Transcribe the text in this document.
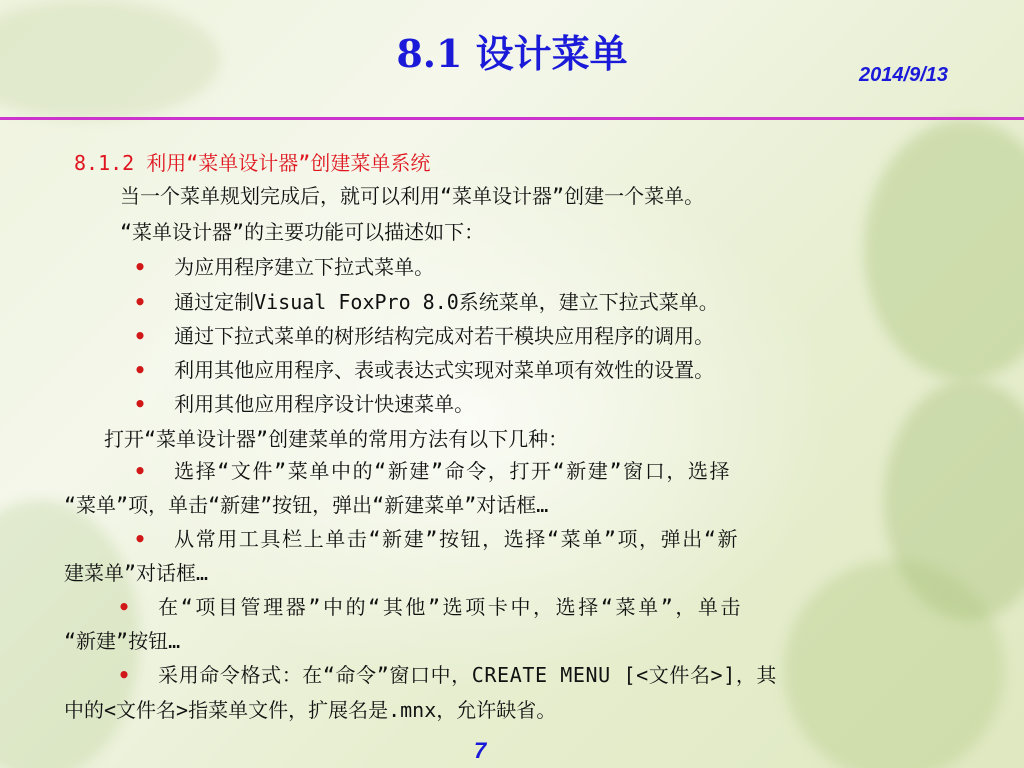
8.1 设计菜单	2014/9/13
8.1.2 利用“菜单设计器”创建菜单系统
当一个菜单规划完成后，就可以利用“菜单设计器”创建一个菜单。
“菜单设计器”的主要功能可以描述如下：
• 为应用程序建立下拉式菜单。
• 通过定制Visual FoxPro 8.0系统菜单，建立下拉式菜单。
• 通过下拉式菜单的树形结构完成对若干模块应用程序的调用。
• 利用其他应用程序、表或表达式实现对菜单项有效性的设置。
• 利用其他应用程序设计快速菜单。
打开“菜单设计器”创建菜单的常用方法有以下几种：
• 选择“文件”菜单中的“新建”命令，打开“新建”窗口，选择
“菜单”项，单击“新建”按钮，弹出“新建菜单”对话框…
• 从常用工具栏上单击“新建”按钮，选择“菜单”项，弹出“新
建菜单”对话框…
• 在“项目管理器”中的“其他”选项卡中，选择“菜单”，单击
“新建”按钮…
• 采用命令格式：在“命令”窗口中，CREATE MENU [<文件名>]，其
中的<文件名>指菜单文件，扩展名是.mnx，允许缺省。
7
